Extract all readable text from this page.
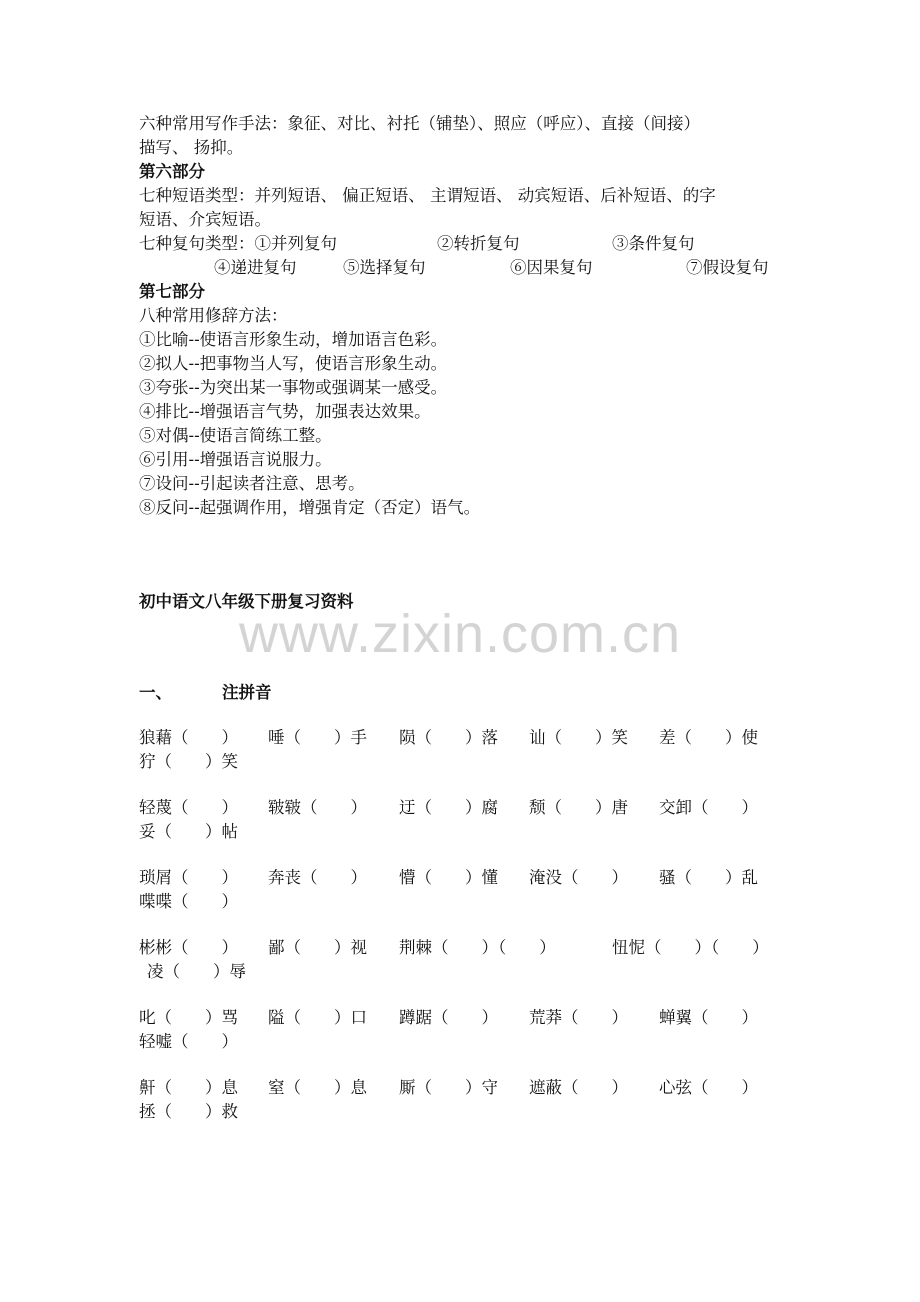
六种常用写作手法：象征、对比、衬托（铺垫）、照应（呼应）、直接（间接）
描写、 扬抑。
第六部分
七种短语类型：并列短语、 偏正短语、 主谓短语、 动宾短语、后补短语、的字
短语、介宾短语。
七种复句类型：①并列复句	②转折复句	③条件复句
④递进复句	⑤选择复句	⑥因果复句	⑦假设复句
第七部分
八种常用修辞方法：
①比喻--使语言形象生动，增加语言色彩。
②拟人--把事物当人写，使语言形象生动。
③夸张--为突出某一事物或强调某一感受。
④排比--增强语言气势，加强表达效果。
⑤对偶--使语言简练工整。
⑥引用--增强语言说服力。
⑦设问--引起读者注意、思考。
⑧反问--起强调作用，增强肯定（否定）语气。
初中语文八年级下册复习资料
www.zixin.com.cn
一、	注拼音
狼藉（　　） 唾（　　）手 陨（　　）落 讪（　　）笑 差（　　）使
狞（　　）笑
轻蔑（　　） 皲皲（　　） 迂（　　）腐 颓（　　）唐 交卸（　　）
妥（　　）帖
琐屑（　　） 奔丧（　　） 懵（　　）懂 淹没（　　） 骚（　　）乱
喋喋（　　）
彬彬（　　） 鄙（　　）视 荆棘（　　）（　　）	忸怩（　　）（　　）
凌（　　）辱
叱（　　）骂 隘（　　）口 蹲踞（　　） 荒莽（　　） 蝉翼（　　）
轻嘘（　　）
鼾（　　）息 窒（　　）息 厮（　　）守 遮蔽（　　） 心弦（　　）
拯（　　）救
